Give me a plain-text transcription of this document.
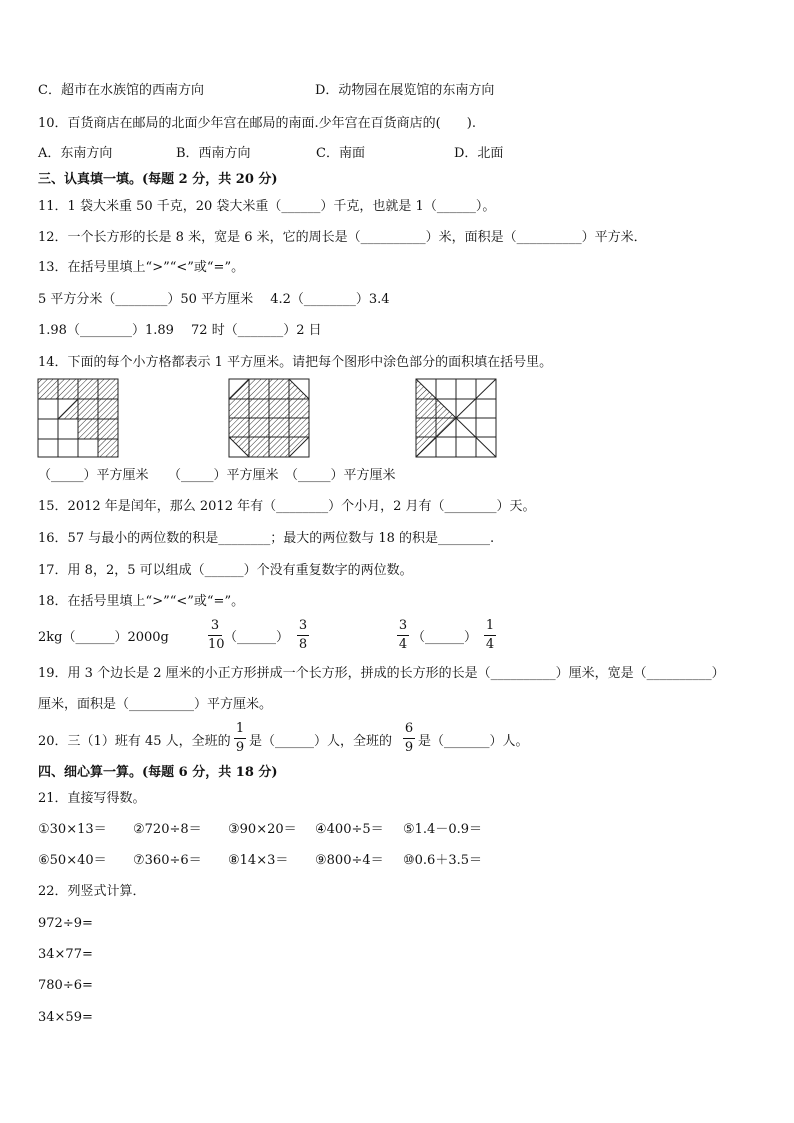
C．超市在水族馆的西南方向	D．动物园在展览馆的东南方向
10．百货商店在邮局的北面少年宫在邮局的南面.少年宫在百货商店的(　　).
A．东南方向	B．西南方向	C．南面	D．北面
三、认真填一填。(每题 2 分，共 20 分)
11．1 袋大米重 50 千克，20 袋大米重（______）千克，也就是 1（______）。
12．一个长方形的长是 8 米，宽是 6 米，它的周长是（__________）米，面积是（__________）平方米．
13．在括号里填上“>”“<”或“=”。
5 平方分米（________）50 平方厘米　 4.2（________）3.4
1.98（________）1.89　 72 时（_______）2 日
14．下面的每个小方格都表示 1 平方厘米。请把每个图形中涂色部分的面积填在括号里。
（_____）平方厘米　　（_____）平方厘米　（_____）平方厘米
15．2012 年是闰年，那么 2012 年有（________）个小月，2 月有（________）天。
16．57 与最小的两位数的积是________；最大的两位数与 18 的积是________.
17．用 8，2，5 可以组成（______）个没有重复数字的两位数。
18．在括号里填上“>”“<”或“=”。
2kg（______）2000g
3
10 （______）
3
8
3
4 （______）
1
4
19．用 3 个边长是 2 厘米的小正方形拼成一个长方形，拼成的长方形的长是（__________）厘米，宽是（__________）
厘米，面积是（__________）平方厘米。
20．三（1）班有 45 人，全班的
1
9 是（______）人，全班的
6
9 是（_______）人。
四、细心算一算。(每题 6 分，共 18 分)
21．直接写得数。
①30×13＝ ②720÷8＝ ③90×20＝ ④400÷5＝ ⑤1.4－0.9＝
⑥50×40＝ ⑦360÷6＝ ⑧14×3＝ ⑨800÷4＝ ⑩0.6＋3.5＝
22．列竖式计算．
972÷9=
34×77=
780÷6=
34×59=
